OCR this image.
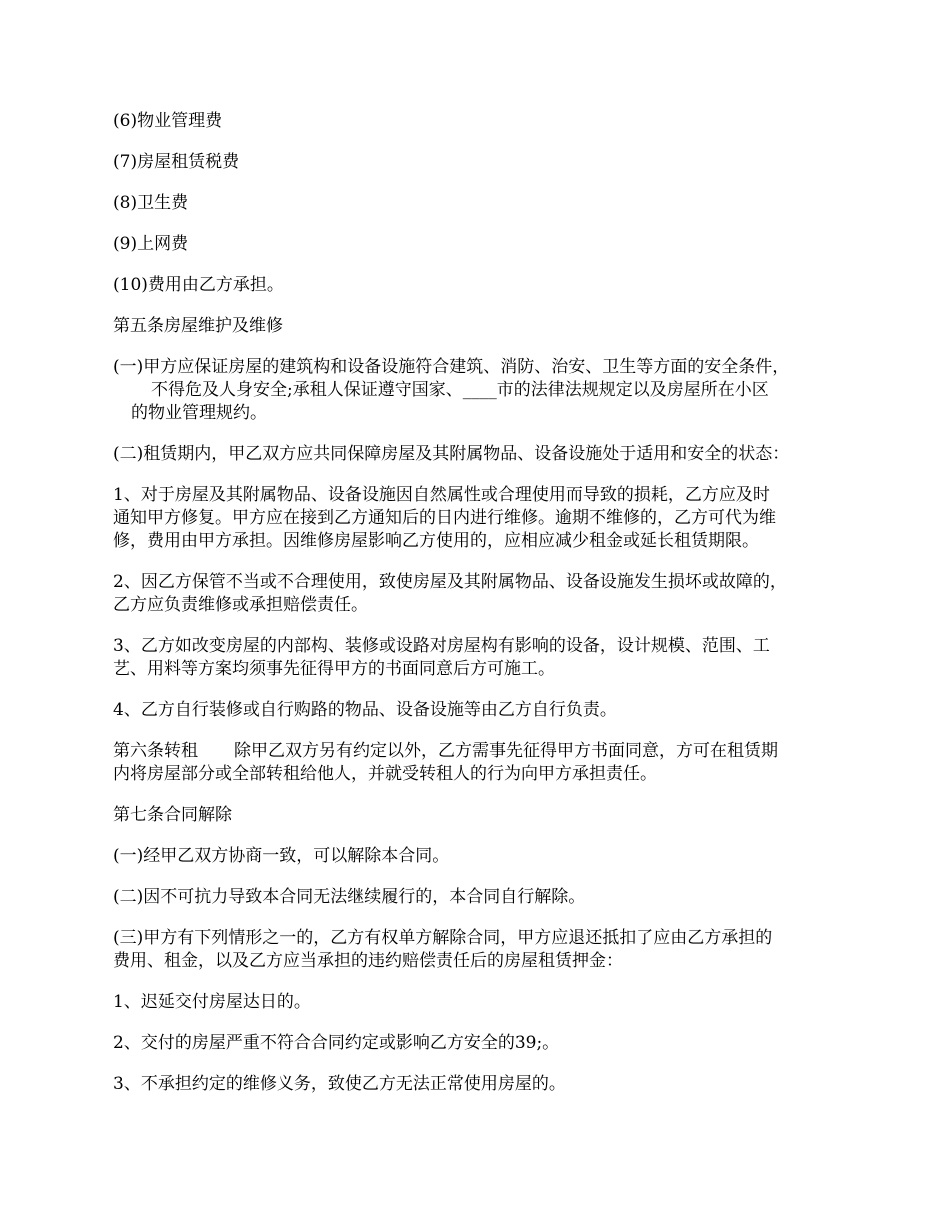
(6)物业管理费

(7)房屋租赁税费

(8)卫生费

(9)上网费

(10)费用由乙方承担。

第五条房屋维护及维修

(一)甲方应保证房屋的建筑构和设备设施符合建筑、消防、治安、卫生等方面的安全条件，
不得危及人身安全;承租人保证遵守国家、____市的法律法规规定以及房屋所在小区
的物业管理规约。

(二)租赁期内，甲乙双方应共同保障房屋及其附属物品、设备设施处于适用和安全的状态：

1、对于房屋及其附属物品、设备设施因自然属性或合理使用而导致的损耗，乙方应及时
通知甲方修复。甲方应在接到乙方通知后的日内进行维修。逾期不维修的，乙方可代为维
修，费用由甲方承担。因维修房屋影响乙方使用的，应相应减少租金或延长租赁期限。

2、因乙方保管不当或不合理使用，致使房屋及其附属物品、设备设施发生损坏或故障的，
乙方应负责维修或承担赔偿责任。

3、乙方如改变房屋的内部构、装修或设路对房屋构有影响的设备，设计规模、范围、工
艺、用料等方案均须事先征得甲方的书面同意后方可施工。

4、乙方自行装修或自行购路的物品、设备设施等由乙方自行负责。

第六条转租 除甲乙双方另有约定以外，乙方需事先征得甲方书面同意，方可在租赁期
内将房屋部分或全部转租给他人，并就受转租人的行为向甲方承担责任。

第七条合同解除

(一)经甲乙双方协商一致，可以解除本合同。

(二)因不可抗力导致本合同无法继续履行的，本合同自行解除。

(三)甲方有下列情形之一的，乙方有权单方解除合同，甲方应退还抵扣了应由乙方承担的
费用、租金，以及乙方应当承担的违约赔偿责任后的房屋租赁押金：

1、迟延交付房屋达日的。

2、交付的房屋严重不符合合同约定或影响乙方安全的39;。

3、不承担约定的维修义务，致使乙方无法正常使用房屋的。
